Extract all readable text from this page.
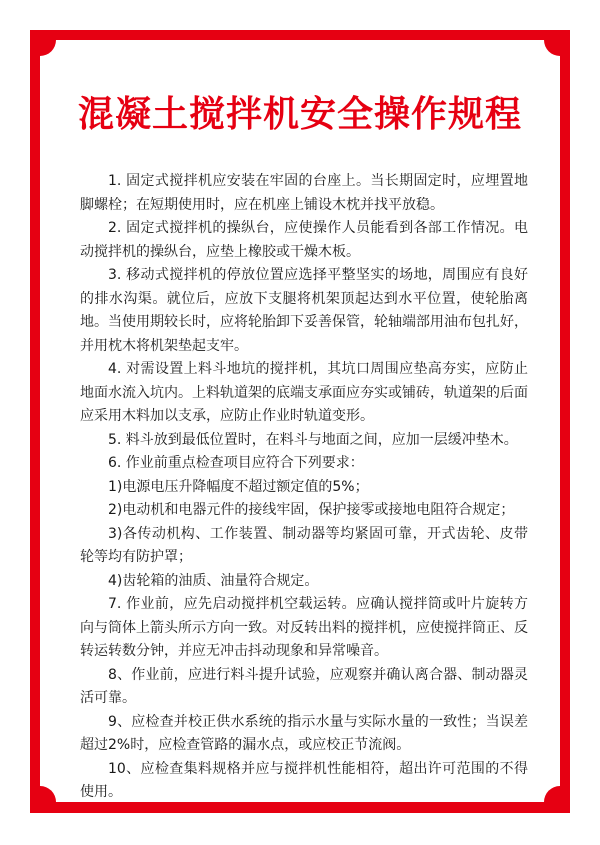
混凝土搅拌机安全操作规程

1. 固定式搅拌机应安装在牢固的台座上。当长期固定时，应埋置地脚螺栓；在短期使用时，应在机座上铺设木枕并找平放稳。

2. 固定式搅拌机的操纵台，应使操作人员能看到各部工作情况。电动搅拌机的操纵台，应垫上橡胶或干燥木板。

3. 移动式搅拌机的停放位置应选择平整坚实的场地，周围应有良好的排水沟渠。就位后，应放下支腿将机架顶起达到水平位置，使轮胎离地。当使用期较长时，应将轮胎卸下妥善保管，轮轴端部用油布包扎好，并用枕木将机架垫起支牢。

4. 对需设置上料斗地坑的搅拌机，其坑口周围应垫高夯实，应防止地面水流入坑内。上料轨道架的底端支承面应夯实或铺砖，轨道架的后面应采用木料加以支承，应防止作业时轨道变形。

5. 料斗放到最低位置时，在料斗与地面之间，应加一层缓冲垫木。

6. 作业前重点检查项目应符合下列要求：

1)电源电压升降幅度不超过额定值的5%；

2)电动机和电器元件的接线牢固，保护接零或接地电阻符合规定；

3)各传动机构、工作装置、制动器等均紧固可靠，开式齿轮、皮带轮等均有防护罩；

4)齿轮箱的油质、油量符合规定。

7. 作业前，应先启动搅拌机空载运转。应确认搅拌筒或叶片旋转方向与筒体上箭头所示方向一致。对反转出料的搅拌机，应使搅拌筒正、反转运转数分钟，并应无冲击抖动现象和异常噪音。

8、作业前，应进行料斗提升试验，应观察并确认离合器、制动器灵活可靠。

9、应检查并校正供水系统的指示水量与实际水量的一致性；当误差超过2%时，应检查管路的漏水点，或应校正节流阀。

10、应检查集料规格并应与搅拌机性能相符，超出许可范围的不得使用。
